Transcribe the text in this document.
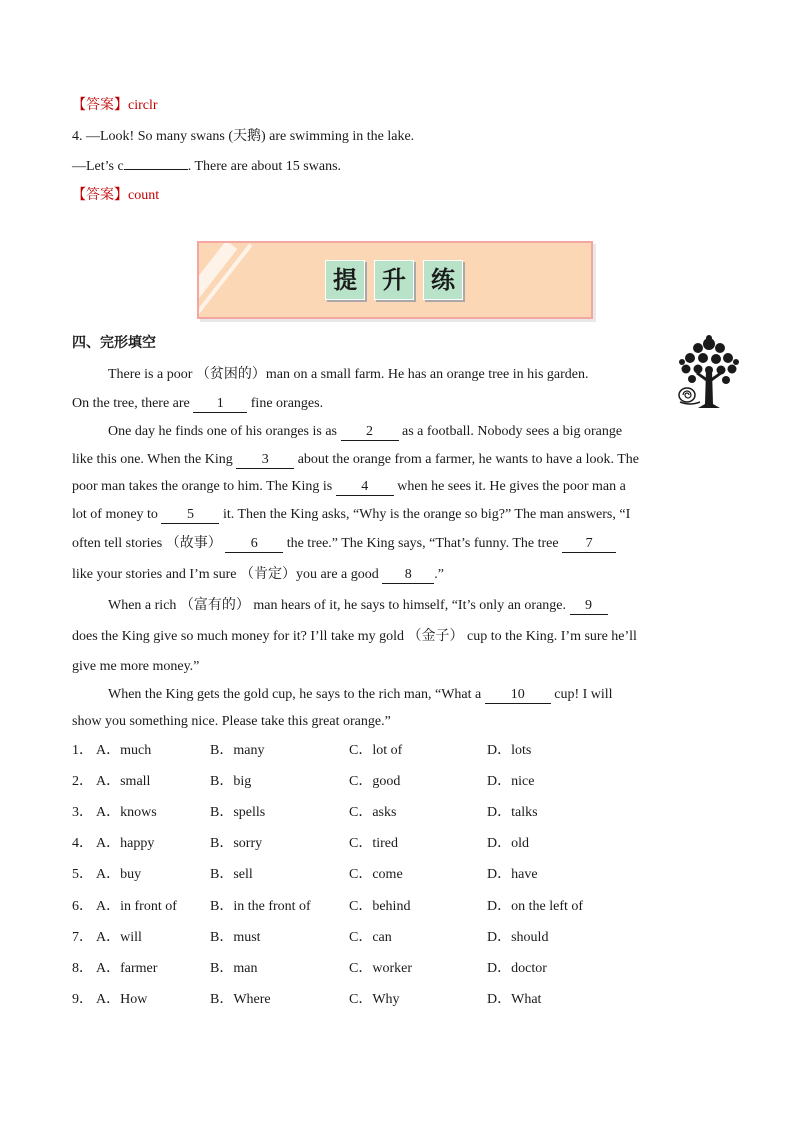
【答案】circlr
4. —Look! So many swans (天鹅) are swimming in the lake.
—Let’s c	. There are about 15 swans.
【答案】count
提	升	练
四、完形填空
There is a poor （贫困的）man on a small farm. He has an orange tree in his garden.
On the tree, there are 1 fine oranges.
One day he finds one of his oranges is as 2 as a football. Nobody sees a big orange
like this one. When the King 3 about the orange from a farmer, he wants to have a look. The
poor man takes the orange to him. The King is 4 when he sees it. He gives the poor man a
lot of money to 5 it. Then the King asks, “Why is the orange so big?” The man answers, “I
often tell stories （故事） 6 the tree.” The King says, “That’s funny. The tree 7
like your stories and I’m sure （肯定）you are a good 8 .”
When a rich （富有的） man hears of it, he says to himself, “It’s only an orange. 9
does the King give so much money for it? I’ll take my gold （金子） cup to the King. I’m sure he’ll
give me more money.”
When the King gets the gold cup, he says to the rich man, “What a 10 cup! I will
show you something nice. Please take this great orange.”
1． A．much	B．many	C．lot of	D．lots
2． A．small	B．big	C．good	D．nice
3． A．knows	B．spells	C．asks	D．talks
4． A．happy	B．sorry	C．tired	D．old
5． A．buy	B．sell	C．come	D．have
6． A．in front of B．in the front of	C．behind	D．on the left of
7． A．will	B．must	C．can	D．should
8． A．farmer	B．man	C．worker	D．doctor
9． A．How	B．Where	C．Why	D．What
